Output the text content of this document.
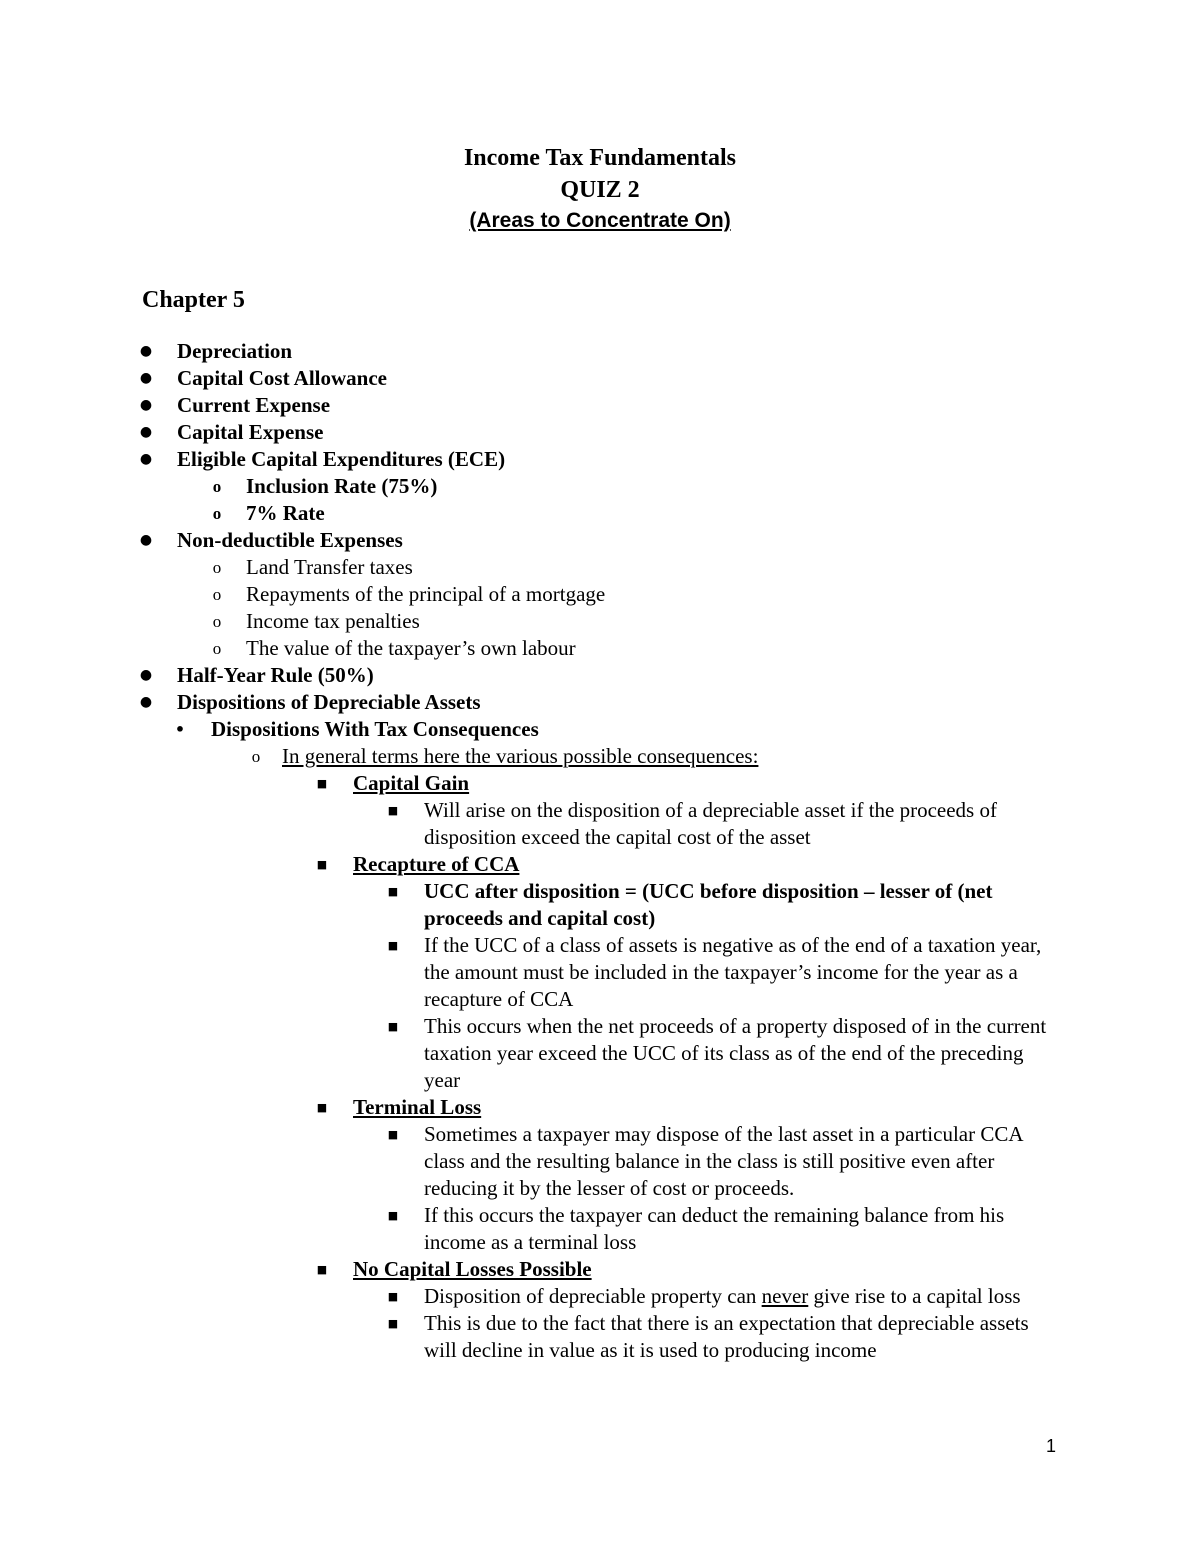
Income Tax Fundamentals
QUIZ 2
(Areas to Concentrate On)
Chapter 5
● Depreciation
● Capital Cost Allowance
● Current Expense
● Capital Expense
● Eligible Capital Expenditures (ECE)
o Inclusion Rate (75%)
o 7% Rate
● Non-deductible Expenses
o Land Transfer taxes
o Repayments of the principal of a mortgage
o Income tax penalties
o The value of the taxpayer’s own labour
● Half-Year Rule (50%)
● Dispositions of Depreciable Assets
• Dispositions With Tax Consequences
o In general terms here the various possible consequences:
■ Capital Gain
■ Will arise on the disposition of a depreciable asset if the proceeds of disposition exceed the capital cost of the asset
■ Recapture of CCA
■ UCC after disposition = (UCC before disposition – lesser of (net proceeds and capital cost)
■ If the UCC of a class of assets is negative as of the end of a taxation year, the amount must be included in the taxpayer’s income for the year as a recapture of CCA
■ This occurs when the net proceeds of a property disposed of in the current taxation year exceed the UCC of its class as of the end of the preceding year
■ Terminal Loss
■ Sometimes a taxpayer may dispose of the last asset in a particular CCA class and the resulting balance in the class is still positive even after reducing it by the lesser of cost or proceeds.
■ If this occurs the taxpayer can deduct the remaining balance from his income as a terminal loss
■ No Capital Losses Possible
■ Disposition of depreciable property can never give rise to a capital loss
■ This is due to the fact that there is an expectation that depreciable assets will decline in value as it is used to producing income
1
